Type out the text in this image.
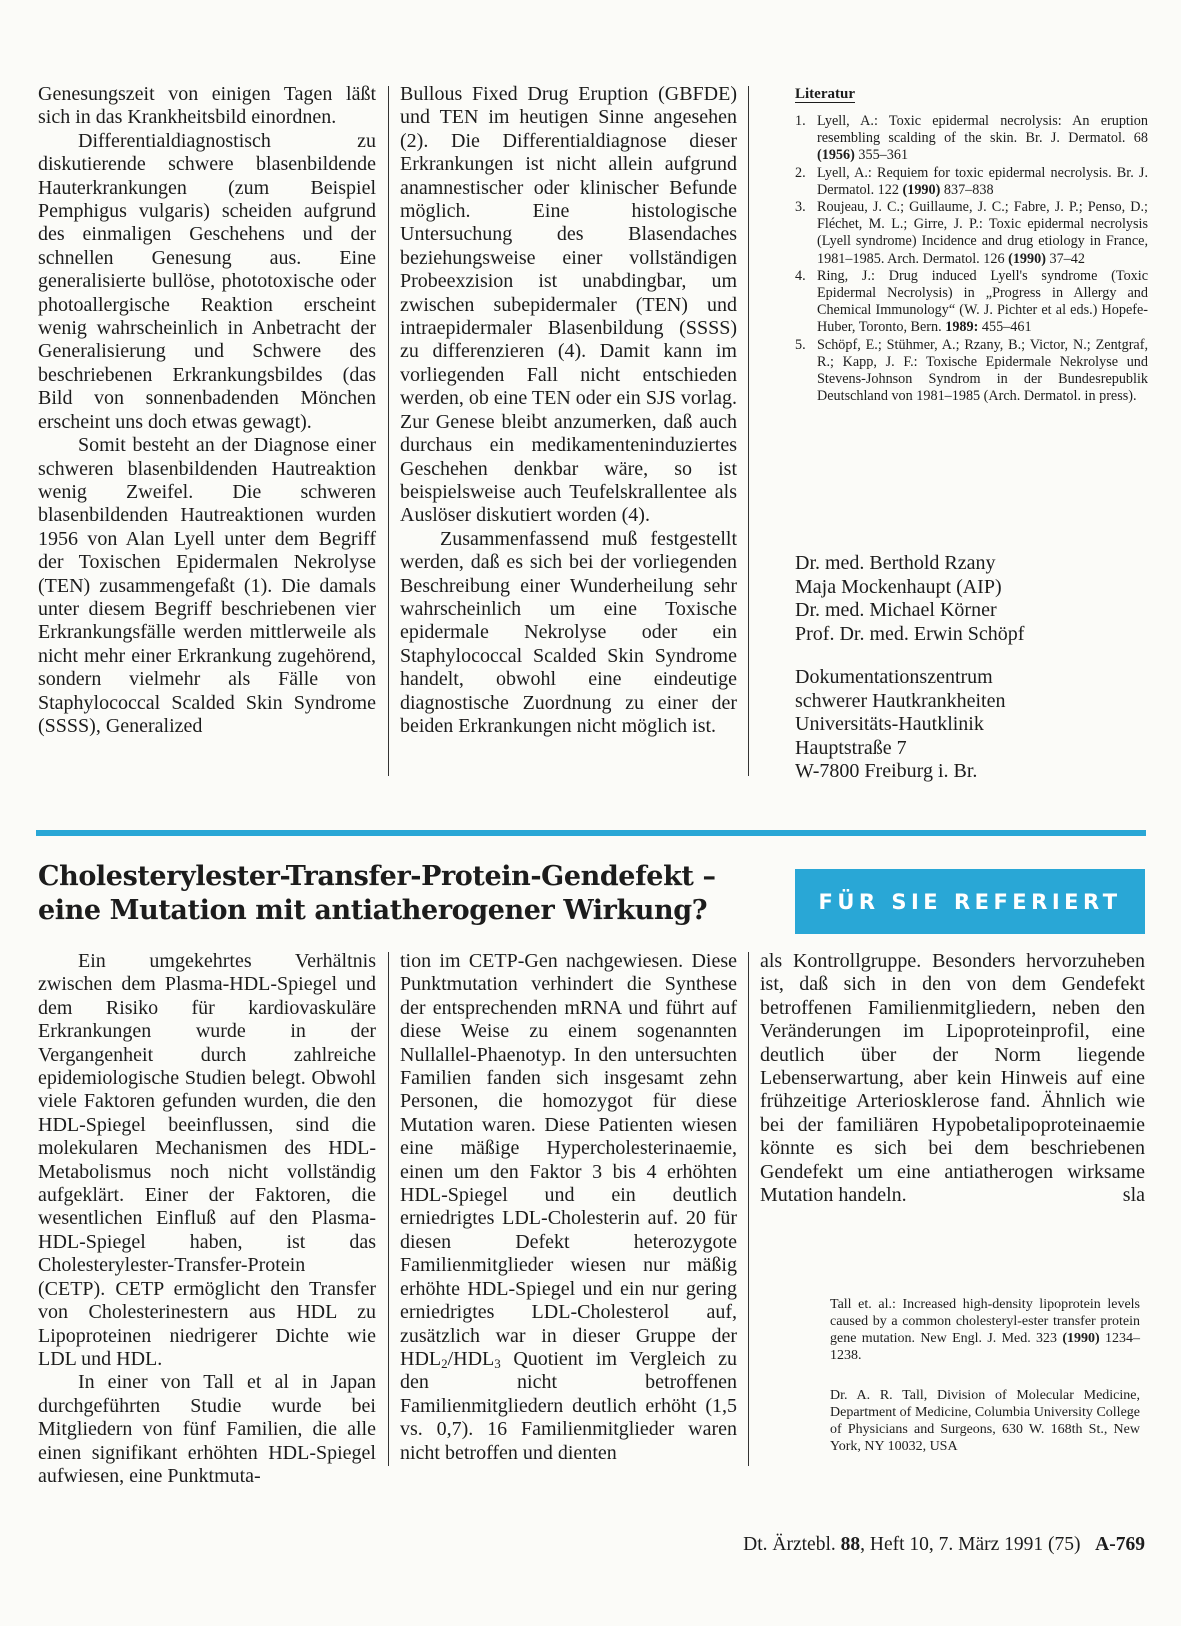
Genesungszeit von einigen Tagen läßt sich in das Krankheitsbild einordnen.

Differentialdiagnostisch zu diskutierende schwere blasenbildende Hauterkrankungen (zum Beispiel Pemphigus vulgaris) scheiden aufgrund des einmaligen Geschehens und der schnellen Genesung aus. Eine generalisierte bullöse, phototoxische oder photoallergische Reaktion erscheint wenig wahrscheinlich in Anbetracht der Generalisierung und Schwere des beschriebenen Erkrankungsbildes (das Bild von sonnenbadenden Mönchen erscheint uns doch etwas gewagt).

Somit besteht an der Diagnose einer schweren blasenbildenden Hautreaktion wenig Zweifel. Die schweren blasenbildenden Hautreaktionen wurden 1956 von Alan Lyell unter dem Begriff der Toxischen Epidermalen Nekrolyse (TEN) zusammengefaßt (1). Die damals unter diesem Begriff beschriebenen vier Erkrankungsfälle werden mittlerweile als nicht mehr einer Erkrankung zugehörend, sondern vielmehr als Fälle von Staphylococcal Scalded Skin Syndrome (SSSS), Generalized

Bullous Fixed Drug Eruption (GBFDE) und TEN im heutigen Sinne angesehen (2). Die Differentialdiagnose dieser Erkrankungen ist nicht allein aufgrund anamnestischer oder klinischer Befunde möglich. Eine histologische Untersuchung des Blasendaches beziehungsweise einer vollständigen Probeexzision ist unabdingbar, um zwischen subepidermaler (TEN) und intraepidermaler Blasenbildung (SSSS) zu differenzieren (4). Damit kann im vorliegenden Fall nicht entschieden werden, ob eine TEN oder ein SJS vorlag. Zur Genese bleibt anzumerken, daß auch durchaus ein medikamenteninduziertes Geschehen denkbar wäre, so ist beispielsweise auch Teufelskrallentee als Auslöser diskutiert worden (4).

Zusammenfassend muß festgestellt werden, daß es sich bei der vorliegenden Beschreibung einer Wunderheilung sehr wahrscheinlich um eine Toxische epidermale Nekrolyse oder ein Staphylococcal Scalded Skin Syndrome handelt, obwohl eine eindeutige diagnostische Zuordnung zu einer der beiden Erkrankungen nicht möglich ist.

Literatur
1. Lyell, A.: Toxic epidermal necrolysis: An eruption resembling scalding of the skin. Br. J. Dermatol. 68 (1956) 355–361
2. Lyell, A.: Requiem for toxic epidermal necrolysis. Br. J. Dermatol. 122 (1990) 837–838
3. Roujeau, J. C.; Guillaume, J. C.; Fabre, J. P.; Penso, D.; Fléchet, M. L.; Girre, J. P.: Toxic epidermal necrolysis (Lyell syndrome) Incidence and drug etiology in France, 1981–1985. Arch. Dermatol. 126 (1990) 37–42
4. Ring, J.: Drug induced Lyell's syndrome (Toxic Epidermal Necrolysis) in „Progress in Allergy and Chemical Immunology“ (W. J. Pichter et al eds.) Hopefe-Huber, Toronto, Bern. 1989: 455–461
5. Schöpf, E.; Stühmer, A.; Rzany, B.; Victor, N.; Zentgraf, R.; Kapp, J. F.: Toxische Epidermale Nekrolyse und Stevens-Johnson Syndrom in der Bundesrepublik Deutschland von 1981–1985 (Arch. Dermatol. in press).
Dr. med. Berthold Rzany
Maja Mockenhaupt (AIP)
Dr. med. Michael Körner
Prof. Dr. med. Erwin Schöpf
Dokumentationszentrum
schwerer Hautkrankheiten
Universitäts-Hautklinik
Hauptstraße 7
W-7800 Freiburg i. Br.
Cholesterylester-Transfer-Protein-Gendefekt –
eine Mutation mit antiatherogener Wirkung?	FÜR SIE REFERIERT

Ein umgekehrtes Verhältnis zwischen dem Plasma-HDL-Spiegel und dem Risiko für kardiovaskuläre Erkrankungen wurde in der Vergangenheit durch zahlreiche epidemiologische Studien belegt. Obwohl viele Faktoren gefunden wurden, die den HDL-Spiegel beeinflussen, sind die molekularen Mechanismen des HDL-Metabolismus noch nicht vollständig aufgeklärt. Einer der Faktoren, die wesentlichen Einfluß auf den Plasma-HDL-Spiegel haben, ist das Cholesterylester-Transfer-Protein (CETP). CETP ermöglicht den Transfer von Cholesterinestern aus HDL zu Lipoproteinen niedrigerer Dichte wie LDL und HDL.

In einer von Tall et al in Japan durchgeführten Studie wurde bei Mitgliedern von fünf Familien, die alle einen signifikant erhöhten HDL-Spiegel aufwiesen, eine Punktmuta-

tion im CETP-Gen nachgewiesen. Diese Punktmutation verhindert die Synthese der entsprechenden mRNA und führt auf diese Weise zu einem sogenannten Nullallel-Phaenotyp. In den untersuchten Familien fanden sich insgesamt zehn Personen, die homozygot für diese Mutation waren. Diese Patienten wiesen eine mäßige Hypercholesterinaemie, einen um den Faktor 3 bis 4 erhöhten HDL-Spiegel und ein deutlich erniedrigtes LDL-Cholesterin auf. 20 für diesen Defekt heterozygote Familienmitglieder wiesen nur mäßig erhöhte HDL-Spiegel und ein nur gering erniedrigtes LDL-Cholesterol auf, zusätzlich war in dieser Gruppe der $HDL_2/HDL_3$ Quotient im Vergleich zu den nicht betroffenen Familienmitgliedern deutlich erhöht (1,5 vs. 0,7). 16 Familienmitglieder waren nicht betroffen und dienten

als Kontrollgruppe. Besonders hervorzuheben ist, daß sich in den von dem Gendefekt betroffenen Familienmitgliedern, neben den Veränderungen im Lipoproteinprofil, eine deutlich über der Norm liegende Lebenserwartung, aber kein Hinweis auf eine frühzeitige Arteriosklerose fand. Ähnlich wie bei der familiären Hypobetalipoproteinaemie könnte es sich bei dem beschriebenen Gendefekt um eine antiatherogen wirksame Mutation handeln.	sla

Tall et. al.: Increased high-density lipoprotein levels caused by a common cholesteryl-ester transfer protein gene mutation. New Engl. J. Med. 323 (1990) 1234–1238.
Dr. A. R. Tall, Division of Molecular Medicine, Department of Medicine, Columbia University College of Physicians and Surgeons, 630 W. 168th St., New York, NY 10032, USA
Dt. Ärztebl. 88, Heft 10, 7. März 1991 (75) A-769
